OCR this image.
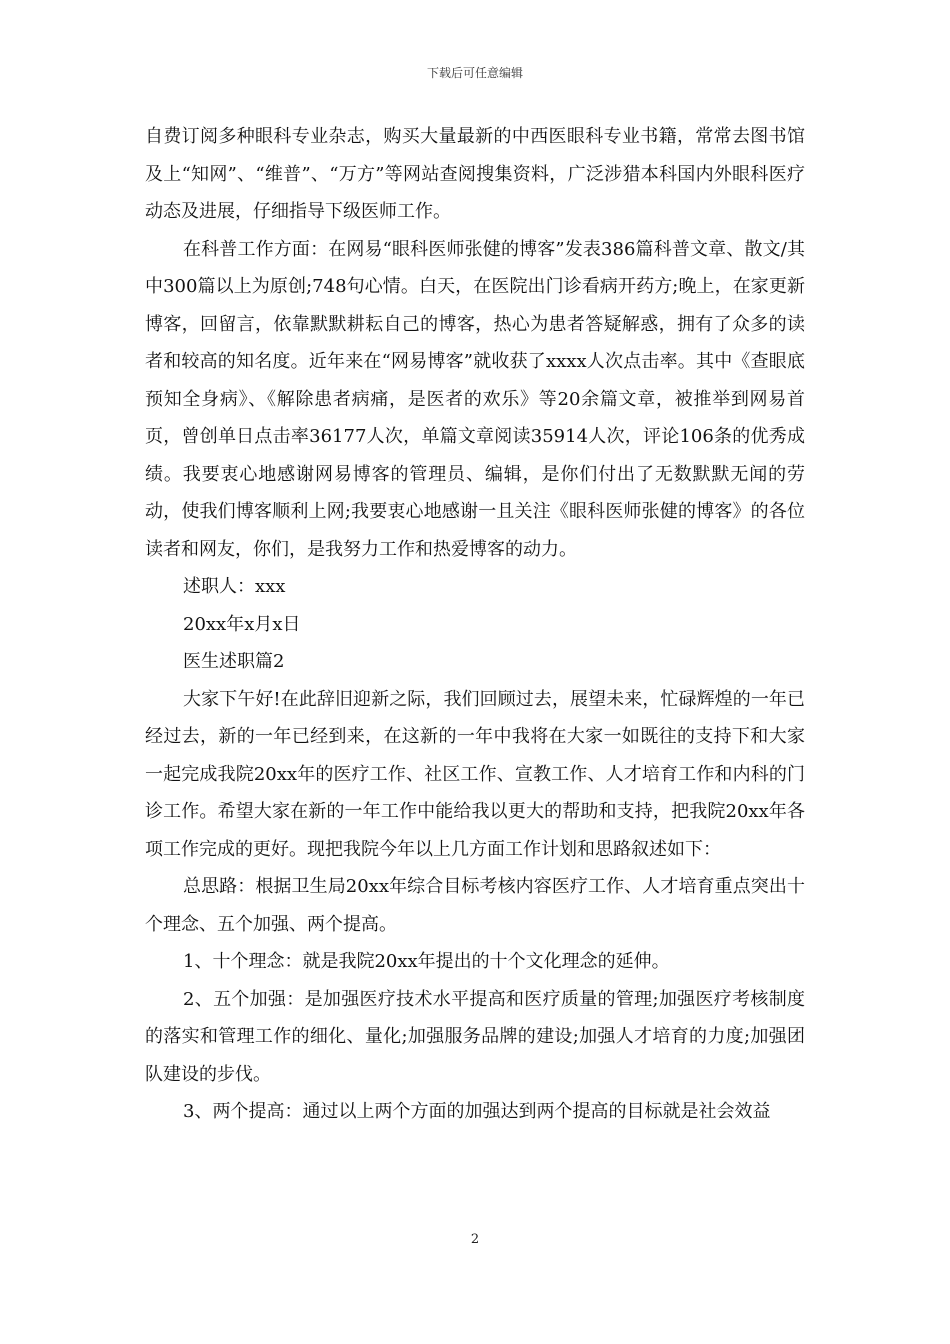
下载后可任意编辑

自费订阅多种眼科专业杂志，购买大量最新的中西医眼科专业书籍，常常去图书馆及上“知网”、“维普”、“万方”等网站查阅搜集资料，广泛涉猎本科国内外眼科医疗动态及进展，仔细指导下级医师工作。

在科普工作方面：在网易“眼科医师张健的博客”发表386篇科普文章、散文/其中300篇以上为原创;748句心情。白天，在医院出门诊看病开药方;晚上，在家更新博客，回留言，依靠默默耕耘自己的博客，热心为患者答疑解惑，拥有了众多的读者和较高的知名度。近年来在“网易博客”就收获了xxxx人次点击率。其中《查眼底预知全身病》、《解除患者病痛，是医者的欢乐》等20余篇文章，被推举到网易首页，曾创单日点击率36177人次，单篇文章阅读35914人次，评论106条的优秀成绩。我要衷心地感谢网易博客的管理员、编辑，是你们付出了无数默默无闻的劳动，使我们博客顺利上网;我要衷心地感谢一且关注《眼科医师张健的博客》的各位读者和网友，你们，是我努力工作和热爱博客的动力。

述职人：xxx

20xx年x月x日

医生述职篇2

大家下午好!在此辞旧迎新之际，我们回顾过去，展望未来，忙碌辉煌的一年已经过去，新的一年已经到来，在这新的一年中我将在大家一如既往的支持下和大家一起完成我院20xx年的医疗工作、社区工作、宣教工作、人才培育工作和内科的门诊工作。希望大家在新的一年工作中能给我以更大的帮助和支持，把我院20xx年各项工作完成的更好。现把我院今年以上几方面工作计划和思路叙述如下：

总思路：根据卫生局20xx年综合目标考核内容医疗工作、人才培育重点突出十个理念、五个加强、两个提高。

1、十个理念：就是我院20xx年提出的十个文化理念的延伸。

2、五个加强：是加强医疗技术水平提高和医疗质量的管理;加强医疗考核制度的落实和管理工作的细化、量化;加强服务品牌的建设;加强人才培育的力度;加强团队建设的步伐。

3、两个提高：通过以上两个方面的加强达到两个提高的目标就是社会效益

2
